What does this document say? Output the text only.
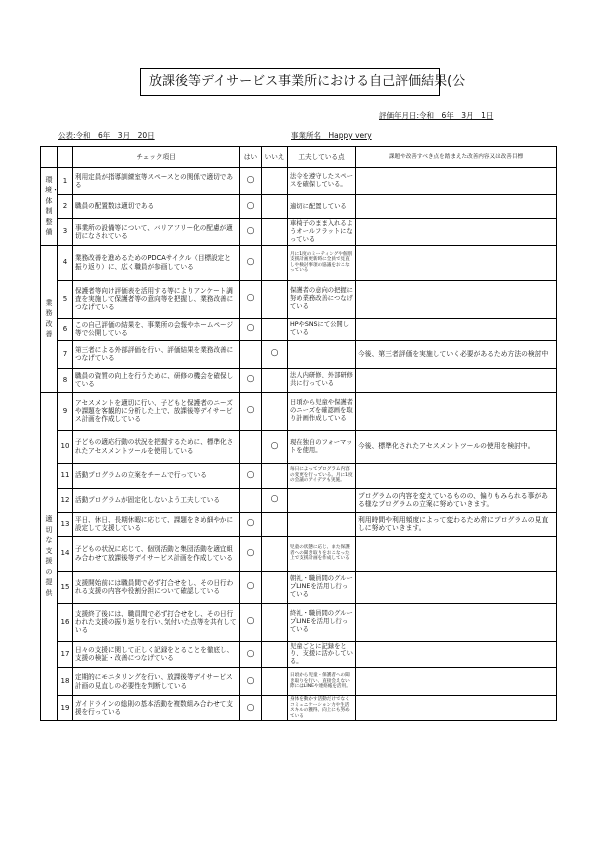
放課後等デイサービス事業所における自己評価結果(公
評価年月日:令和　6年　3月　1日
公表:令和　6年　3月　20日	事業所名　Happy very
		チェック項目	はい	いいえ	工夫している点	課題や改善すべき点を踏まえた改善内容又は改善目標
環境・体制整備	1	利用定員が指導訓練室等スペースとの関係で適切である	○		法令を遵守したスペースを確保している。	
	2	職員の配置数は適切である	○		適切に配置している	
	3	事業所の設備等について、バリアフリー化の配慮が適切になされている	○		車椅子のまま入れるようオールフラットになっている	
業務改善	4	業務改善を進めるためのPDCAサイクル（目標設定と振り返り）に、広く職員が参画している	○		月に1度のミーティングや個別支援計画更新時に全員で見直しや検討事項の協議をおこなっている	
	5	保護者等向け評価表を活用する等によりアンケート調査を実施して保護者等の意向等を把握し、業務改善につなげている	○		保護者の意向の把握に努め業務改善につなげている	
	6	この自己評価の結果を、事業所の会報やホームページ等で公開している	○		HPやSNSにて公開している	
	7	第三者による外部評価を行い、評価結果を業務改善につなげている		○		今後、第三者評価を実施していく必要があるため方法の検討中
	8	職員の資質の向上を行うために、研修の機会を確保している	○		法人内研修、外部研修共に行っている	
適切な支援の提供	9	アセスメントを適切に行い、子どもと保護者のニーズや課題を客観的に分析した上で、放課後等デイサービス計画を作成している	○		日頃から児童や保護者のニーズを確認画を取り計画作成している	
	10	子どもの適応行動の状況を把握するために、標準化されたアセスメントツールを使用している		○	現在独自のフォーマットを使用。	今後、標準化されたアセスメントツールの使用を検討中。
	11	活動プログラムの立案をチームで行っている	○		毎日によってプログラム内容の変更を行っている。月に1度の会議のアイデアも実施。	
	12	活動プログラムが固定化しないよう工夫している		○		プログラムの内容を変えているものの、偏りもみられる事がある様なプログラムの立案に努めていきます。
	13	平日、休日、長期休暇に応じて、課題をきめ細やかに設定して支援している	○			利用時間や利用頻度によって変わるため常にプログラムの見直しに努めていきます。
	14	子どもの状況に応じて、個別活動と集団活動を適宜組み合わせて放課後等デイサービス計画を作成している	○		児童の状態に応じ、また保護者への聞き取りをおこなった上で支援計画を作成している	
	15	支援開始前には職員間で必ず打合せをし、その日行われる支援の内容や役割分担について確認している	○		朝礼・職員間のグループLINEを活用し行っている	
	16	支援終了後には、職員間で必ず打合せをし、その日行われた支援の振り返りを行い､気付いた点等を共有している	○		終礼・職員間のグループLINEを活用し行っている	
	17	日々の支援に関して正しく記録をとることを徹底し、支援の検証・改善につなげている	○		児童ごとに記録をとり、支援に活かしている。	
	18	定期的にモニタリングを行い、放課後等デイサービス計画の見直しの必要性を判断している	○		日頃から児童・保護者への聞き取りを行い、直接会えない際にはLINEや連絡帳を活用。	
	19	ガイドラインの総則の基本活動を複数組み合わせて支援を行っている	○		身体を動かす活動だけでなくコミュニケーション力や生活スキルの獲得、向上にも努めている	
